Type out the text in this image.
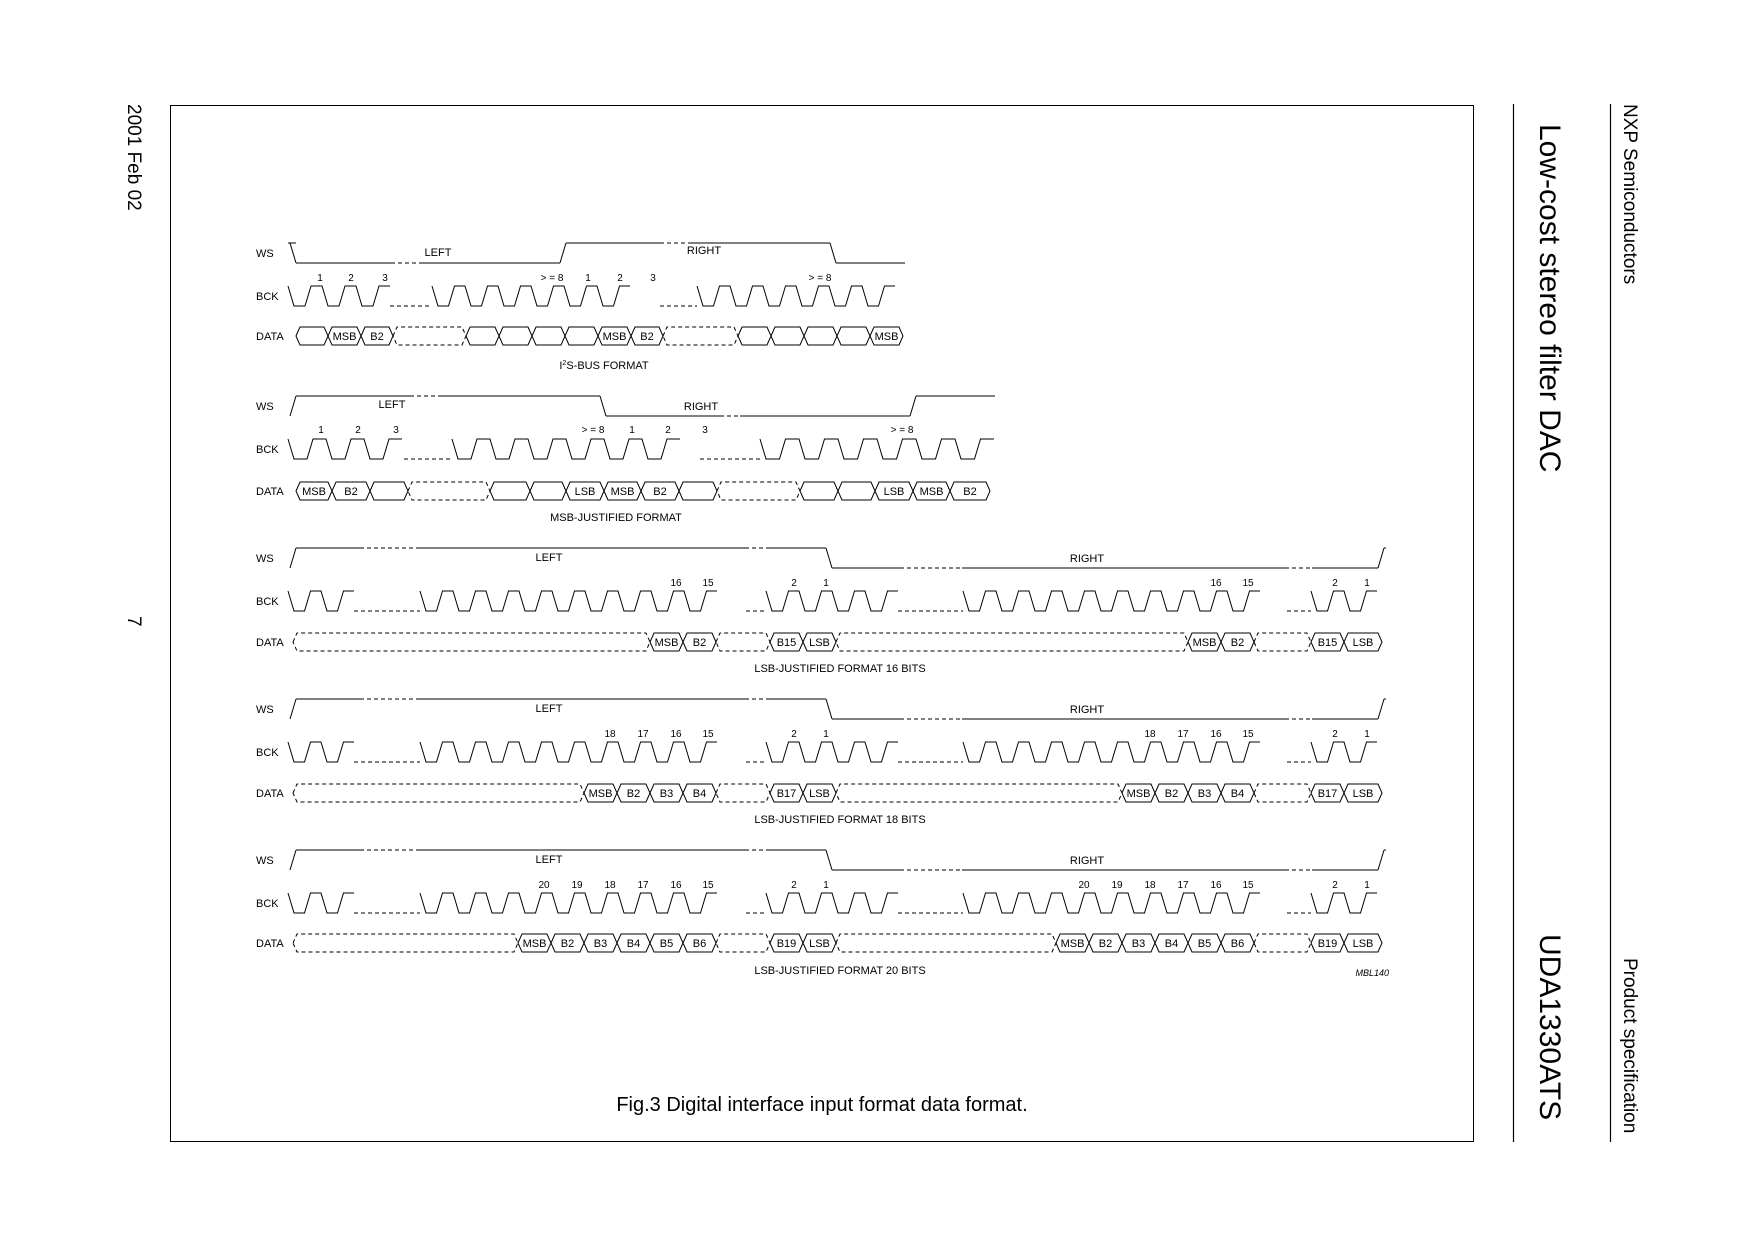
NXP Semiconductors
Low-cost stereo filter DAC
UDA1330ATS	Product specification
2001 Feb 02
7
WS
BCK
DATA
LEFT	RIGHT
1	2	3	> = 8 1	2	3	> = 8
MSB B2	MSB B2	MSB
$I^2S$-BUS FORMAT
WS
BCK
DATA
LEFT	RIGHT
1	2	3	> = 8 1	2	3	> = 8
MSB B2	LSB MSB B2	LSB MSB B2
MSB-JUSTIFIED FORMAT
WS
BCK
DATA
LEFT	RIGHT
16 15	2	1	16 15	2	1
MSB B2	B15 LSB	MSB B2	B15 LSB
LSB-JUSTIFIED FORMAT 16 BITS
WS
BCK
DATA
LEFT	RIGHT
18 17 16 15	2	1	18 17 16 15	2	1
MSB B2 B3 B4	B17 LSB	MSB B2 B3 B4	B17 LSB
LSB-JUSTIFIED FORMAT 18 BITS
WS
BCK
DATA
LEFT	RIGHT
20 19 18 17 16 15	2	1	20 19 18 17 16 15	2	1
MSB B2 B3 B4 B5 B6	B19 LSB	MSB B2 B3 B4 B5 B6	B19 LSB
LSB-JUSTIFIED FORMAT 20 BITS
Fig.3 Digital interface input format data format.
MBL140
